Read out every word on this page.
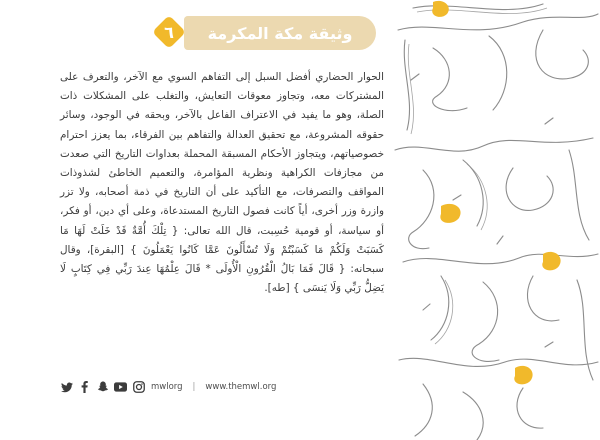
وثيقة مكة المكرمة
٦

الحوار الحضاري أفضل السبل إلى التفاهم السوي مع الآخر، والتعرف على المشتركات معه، وتجاوز معوقات التعايش، والتغلب على المشكلات ذات الصلة، وهو ما يفيد في الاعتراف الفاعل بالآخر، وبحقه في الوجود، وسائر حقوقه المشروعة، مع تحقيق العدالة والتفاهم بين الفرقاء، بما يعزز احترام خصوصياتهم، ويتجاوز الأحكام المسبقة المحملة بعداوات التاريخ التي صعدت من مجازفات الكراهية ونظرية المؤامرة، والتعميم الخاطئ لشذوذات المواقف والتصرفات، مع التأكيد على أن التاريخ في ذمة أصحابه، ولا تزر وازرة وزر أخرى، أياً كانت فصول التاريخ المستدعاة، وعلى أي دين، أو فكر، أو سياسة، أو قومية حُسِبت، قال الله تعالى: { تِلْكَ أُمَّةٌ قَدْ خَلَتْ لَهَا مَا كَسَبَتْ وَلَكُمْ مَا كَسَبْتُمْ وَلَا تُسْأَلُونَ عَمَّا كَانُوا يَعْمَلُونَ } [البقرة]، وقال سبحانه: { قَالَ فَمَا بَالُ الْقُرُونِ الْأُولَى * قَالَ عِلْمُهَا عِندَ رَبِّي فِي كِتَابٍ لَا يَضِلُّ رَبِّي وَلَا يَنسَى } [طه].

mwlorg | www.themwl.org
